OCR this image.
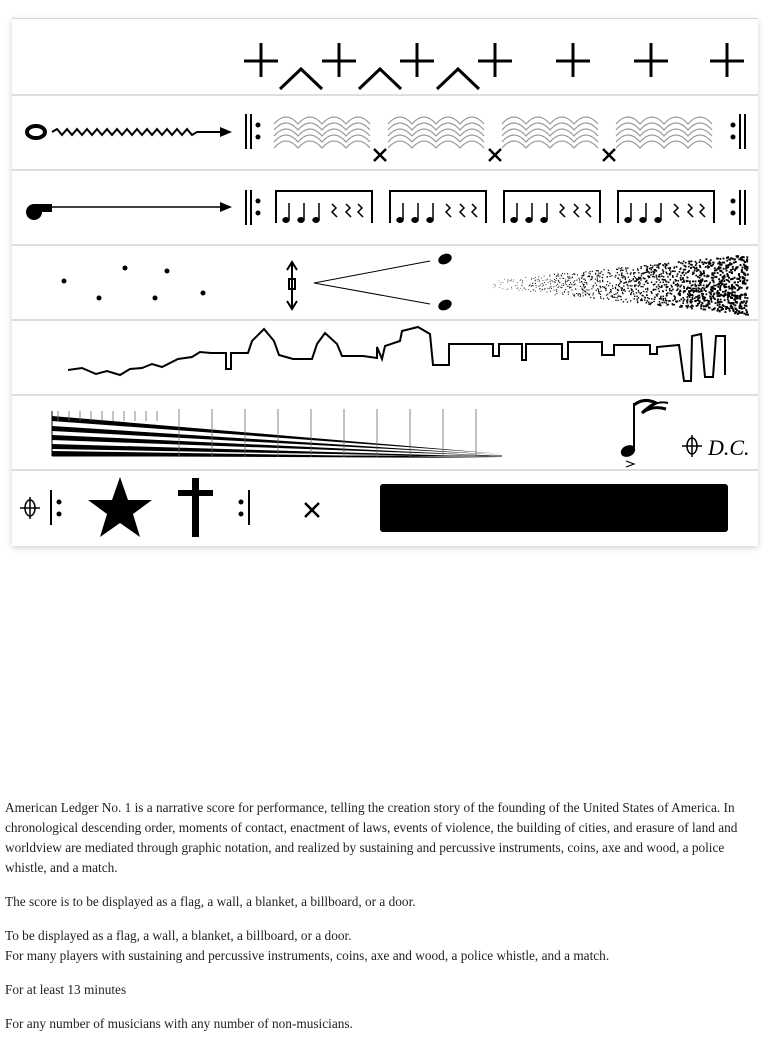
D.C.

American Ledger No. 1 is a narrative score for performance, telling the creation story of the founding of the United States of America. In chronological descending order, moments of contact, enactment of laws, events of violence, the building of cities, and erasure of land and worldview are mediated through graphic notation, and realized by sustaining and percussive instruments, coins, axe and wood, a police whistle, and a match.

The score is to be displayed as a flag, a wall, a blanket, a billboard, or a door.

To be displayed as a flag, a wall, a blanket, a billboard, or a door.

For many players with sustaining and percussive instruments, coins, axe and wood, a police whistle, and a match.

For at least 13 minutes

For any number of musicians with any number of non-musicians.
